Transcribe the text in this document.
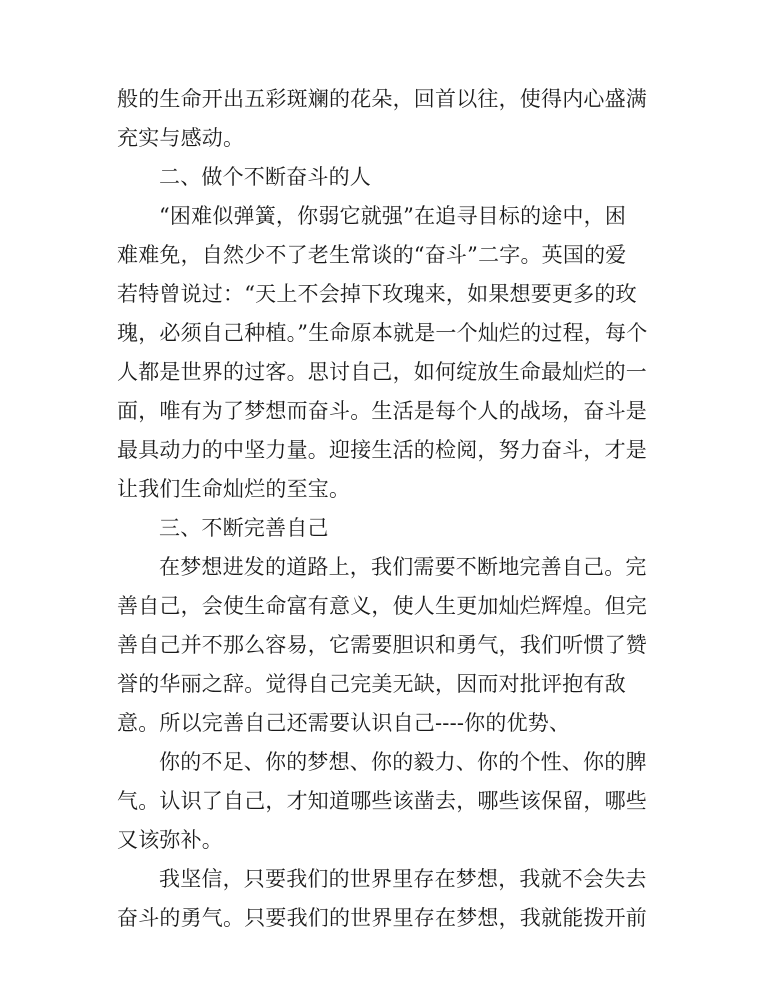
般的生命开出五彩斑斓的花朵，回首以往，使得内心盛满
充实与感动。
二、做个不断奋斗的人
“困难似弹簧，你弱它就强”在追寻目标的途中，困
难难免，自然少不了老生常谈的“奋斗”二字。英国的爱
若特曾说过：“天上不会掉下玫瑰来，如果想要更多的玫
瑰，必须自己种植。”生命原本就是一个灿烂的过程，每个
人都是世界的过客。思讨自己，如何绽放生命最灿烂的一
面，唯有为了梦想而奋斗。生活是每个人的战场，奋斗是
最具动力的中坚力量。迎接生活的检阅，努力奋斗，才是
让我们生命灿烂的至宝。
三、不断完善自己
在梦想进发的道路上，我们需要不断地完善自己。完
善自己，会使生命富有意义，使人生更加灿烂辉煌。但完
善自己并不那么容易，它需要胆识和勇气，我们听惯了赞
誉的华丽之辞。觉得自己完美无缺，因而对批评抱有敌
意。所以完善自己还需要认识自己----你的优势、
你的不足、你的梦想、你的毅力、你的个性、你的脾
气。认识了自己，才知道哪些该凿去，哪些该保留，哪些
又该弥补。
我坚信，只要我们的世界里存在梦想，我就不会失去
奋斗的勇气。只要我们的世界里存在梦想，我就能拨开前
